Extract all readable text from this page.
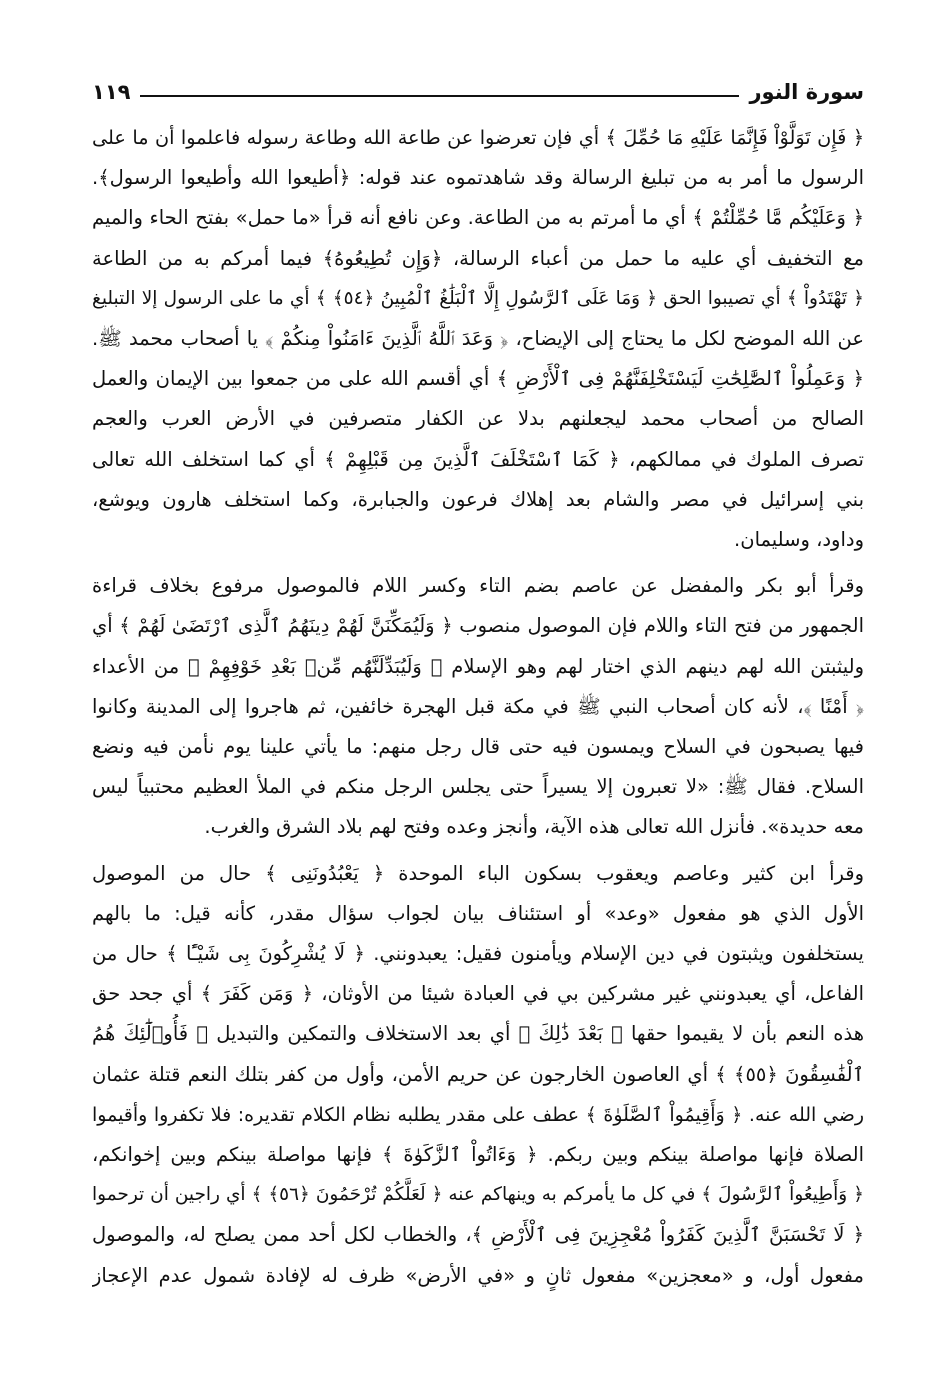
سورة النور
١١٩

﴿ فَإِن تَوَلَّوْاْ فَإِنَّمَا عَلَيْهِ مَا حُمِّلَ ﴾ أي فإن تعرضوا عن طاعة الله وطاعة رسوله فاعلموا أن ما على
الرسول ما أمر به من تبليغ الرسالة وقد شاهدتموه عند قوله: ﴿أطيعوا الله وأطيعوا الرسول﴾.
﴿ وَعَلَيْكُم مَّا حُمِّلْتُمْ ﴾ أي ما أمرتم به من الطاعة. وعن نافع أنه قرأ «ما حمل» بفتح الحاء والميم
مع التخفيف أي عليه ما حمل من أعباء الرسالة، ﴿وَإِن تُطِيعُوهُ﴾ فيما أمركم به من الطاعة
﴿ تَهْتَدُواْ ﴾ أي تصيبوا الحق ﴿ وَمَا عَلَى ٱلرَّسُولِ إِلَّا ٱلْبَلَٰغُ ٱلْمُبِينُ ﴿٥٤﴾ ﴾ أي ما على الرسول إلا التبليغ
عن الله الموضح لكل ما يحتاج إلى الإيضاح، ﴿ وَعَدَ ٱللَّهُ ٱلَّذِينَ ءَامَنُواْ مِنكُمْ ﴾ يا أصحاب محمد ﷺ.
﴿ وَعَمِلُواْ ٱلصَّٰلِحَٰتِ لَيَسْتَخْلِفَنَّهُمْ فِى ٱلْأَرْضِ ﴾ أي أقسم الله على من جمعوا بين الإيمان والعمل
الصالح من أصحاب محمد ليجعلنهم بدلا عن الكفار متصرفين في الأرض العرب والعجم
تصرف الملوك في ممالكهم، ﴿ كَمَا ٱسْتَخْلَفَ ٱلَّذِينَ مِن قَبْلِهِمْ ﴾ أي كما استخلف الله تعالى
بني إسرائيل في مصر والشام بعد إهلاك فرعون والجبابرة، وكما استخلف هارون ويوشع،
وداود، وسليمان.

وقرأ أبو بكر والمفضل عن عاصم بضم التاء وكسر اللام فالموصول مرفوع بخلاف قراءة
الجمهور من فتح التاء واللام فإن الموصول منصوب ﴿ وَلَيُمَكِّنَنَّ لَهُمْ دِينَهُمُ ٱلَّذِى ٱرْتَضَىٰ لَهُمْ ﴾ أي
وليثبتن الله لهم دينهم الذي اختار لهم وهو الإسلام ﴿ وَلَيُبَدِّلَنَّهُم مِّنۢ بَعْدِ خَوْفِهِمْ ﴾ من الأعداء
﴿ أَمْنًا ﴾، لأنه كان أصحاب النبي ﷺ في مكة قبل الهجرة خائفين، ثم هاجروا إلى المدينة وكانوا
فيها يصبحون في السلاح ويمسون فيه حتى قال رجل منهم: ما يأتي علينا يوم نأمن فيه ونضع
السلاح. فقال ﷺ: «لا تعبرون إلا يسيراً حتى يجلس الرجل منكم في الملأ العظيم محتبياً ليس
معه حديدة». فأنزل الله تعالى هذه الآية، وأنجز وعده وفتح لهم بلاد الشرق والغرب.

وقرأ ابن كثير وعاصم ويعقوب بسكون الباء الموحدة ﴿ يَعْبُدُونَنِى ﴾ حال من الموصول
الأول الذي هو مفعول «وعد» أو استئناف بيان لجواب سؤال مقدر، كأنه قيل: ما بالهم
يستخلفون ويثبتون في دين الإسلام ويأمنون فقيل: يعبدونني. ﴿ لَا يُشْرِكُونَ بِى شَيْـًٔا ﴾ حال من
الفاعل، أي يعبدونني غير مشركين بي في العبادة شيئا من الأوثان، ﴿ وَمَن كَفَرَ ﴾ أي جحد حق
هذه النعم بأن لا يقيموا حقها ﴿ بَعْدَ ذَٰلِكَ ﴾ أي بعد الاستخلاف والتمكين والتبديل ﴿ فَأُو۟لَٰٓئِكَ هُمُ
ٱلْفَٰسِقُونَ ﴿٥٥﴾ ﴾ أي العاصون الخارجون عن حريم الأمن، وأول من كفر بتلك النعم قتلة عثمان
رضي الله عنه. ﴿ وَأَقِيمُواْ ٱلصَّلَوٰةَ ﴾ عطف على مقدر يطلبه نظام الكلام تقديره: فلا تكفروا وأقيموا
الصلاة فإنها مواصلة بينكم وبين ربكم. ﴿ وَءَاتُواْ ٱلزَّكَوٰةَ ﴾ فإنها مواصلة بينكم وبين إخوانكم،
﴿ وَأَطِيعُواْ ٱلرَّسُولَ ﴾ في كل ما يأمركم به وينهاكم عنه ﴿ لَعَلَّكُمْ تُرْحَمُونَ ﴿٥٦﴾ ﴾ أي راجين أن ترحموا
﴿ لَا تَحْسَبَنَّ ٱلَّذِينَ كَفَرُواْ مُعْجِزِينَ فِى ٱلْأَرْضِ ﴾، والخطاب لكل أحد ممن يصلح له، والموصول
مفعول أول، و «معجزين» مفعول ثانٍ و «في الأرض» ظرف له لإفادة شمول عدم الإعجاز
